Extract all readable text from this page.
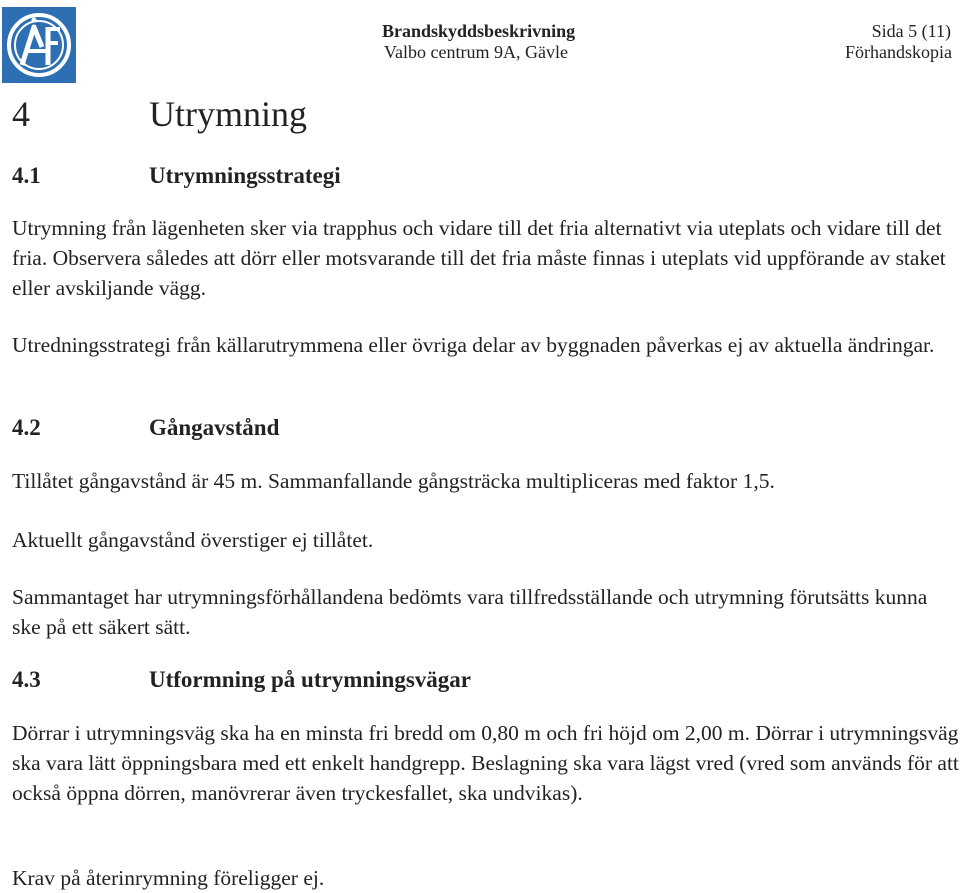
Brandskyddsbeskrivning
Valbo centrum 9A, Gävle
Sida 5 (11)
Förhandskopia
4	Utrymning
4.1	Utrymningsstrategi
Utrymning från lägenheten sker via trapphus och vidare till det fria alternativt via uteplats och vidare till det fria. Observera således att dörr eller motsvarande till det fria måste finnas i uteplats vid uppförande av staket eller avskiljande vägg.
Utredningsstrategi från källarutrymmena eller övriga delar av byggnaden påverkas ej av aktuella ändringar.
4.2	Gångavstånd
Tillåtet gångavstånd är 45 m. Sammanfallande gångsträcka multipliceras med faktor 1,5.
Aktuellt gångavstånd överstiger ej tillåtet.
Sammantaget har utrymningsförhållandena bedömts vara tillfredsställande och utrymning förutsätts kunna ske på ett säkert sätt.
4.3	Utformning på utrymningsvägar
Dörrar i utrymningsväg ska ha en minsta fri bredd om 0,80 m och fri höjd om 2,00 m. Dörrar i utrymningsväg ska vara lätt öppningsbara med ett enkelt handgrepp. Beslagning ska vara lägst vred (vred som används för att också öppna dörren, manövrerar även tryckesfallet, ska undvikas).
Krav på återinrymning föreligger ej.
